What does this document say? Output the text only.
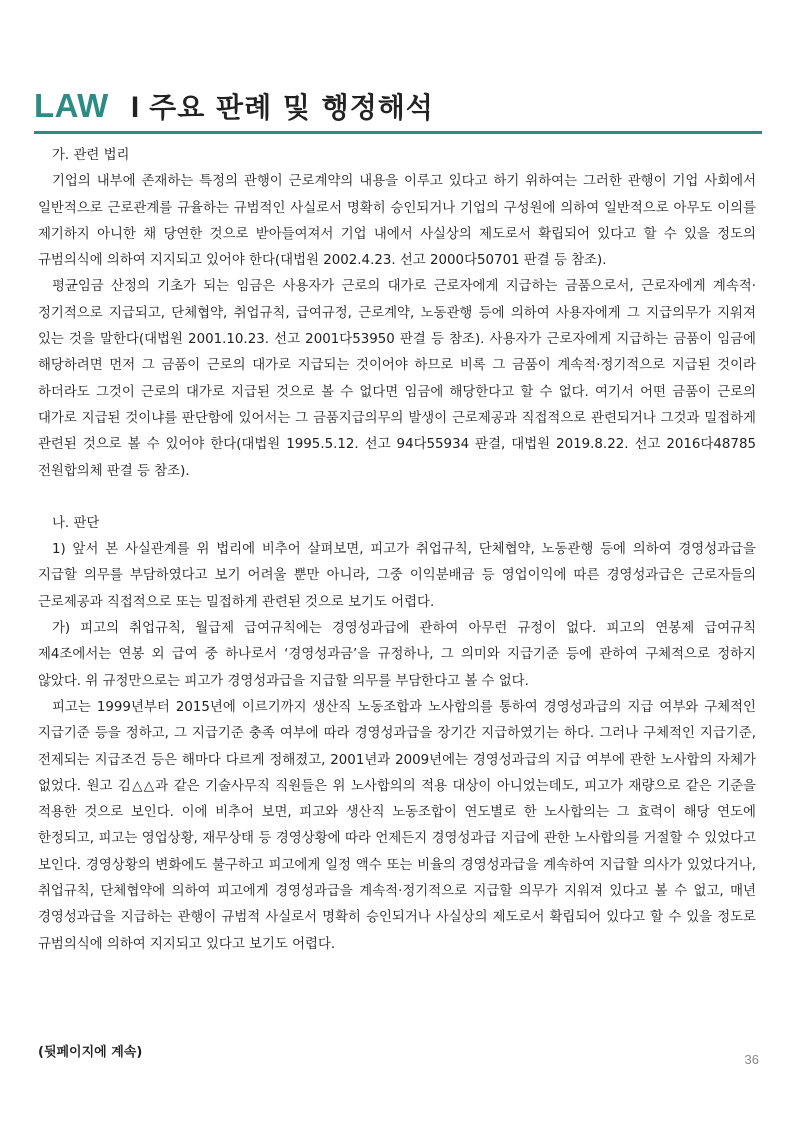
LAW I 주요 판례 및 행정해석

가. 관련 법리

기업의 내부에 존재하는 특정의 관행이 근로계약의 내용을 이루고 있다고 하기 위하여는 그러한 관행이 기업 사회에서 일반적으로 근로관계를 규율하는 규범적인 사실로서 명확히 승인되거나 기업의 구성원에 의하여 일반적으로 아무도 이의를 제기하지 아니한 채 당연한 것으로 받아들여져서 기업 내에서 사실상의 제도로서 확립되어 있다고 할 수 있을 정도의 규범의식에 의하여 지지되고 있어야 한다(대법원 2002.4.23. 선고 2000다50701 판결 등 참조).

평균임금 산정의 기초가 되는 임금은 사용자가 근로의 대가로 근로자에게 지급하는 금품으로서, 근로자에게 계속적·정기적으로 지급되고, 단체협약, 취업규칙, 급여규정, 근로계약, 노동관행 등에 의하여 사용자에게 그 지급의무가 지워져 있는 것을 말한다(대법원 2001.10.23. 선고 2001다53950 판결 등 참조). 사용자가 근로자에게 지급하는 금품이 임금에 해당하려면 먼저 그 금품이 근로의 대가로 지급되는 것이어야 하므로 비록 그 금품이 계속적·정기적으로 지급된 것이라 하더라도 그것이 근로의 대가로 지급된 것으로 볼 수 없다면 임금에 해당한다고 할 수 없다. 여기서 어떤 금품이 근로의 대가로 지급된 것이냐를 판단함에 있어서는 그 금품지급의무의 발생이 근로제공과 직접적으로 관련되거나 그것과 밀접하게 관련된 것으로 볼 수 있어야 한다(대법원 1995.5.12. 선고 94다55934 판결, 대법원 2019.8.22. 선고 2016다48785 전원합의체 판결 등 참조).

나. 판단

1) 앞서 본 사실관계를 위 법리에 비추어 살펴보면, 피고가 취업규칙, 단체협약, 노동관행 등에 의하여 경영성과급을 지급할 의무를 부담하였다고 보기 어려울 뿐만 아니라, 그중 이익분배금 등 영업이익에 따른 경영성과급은 근로자들의 근로제공과 직접적으로 또는 밀접하게 관련된 것으로 보기도 어렵다.

가) 피고의 취업규칙, 월급제 급여규칙에는 경영성과급에 관하여 아무런 규정이 없다. 피고의 연봉제 급여규칙 제4조에서는 연봉 외 급여 중 하나로서 ‘경영성과금’을 규정하나, 그 의미와 지급기준 등에 관하여 구체적으로 정하지 않았다. 위 규정만으로는 피고가 경영성과급을 지급할 의무를 부담한다고 볼 수 없다.

피고는 1999년부터 2015년에 이르기까지 생산직 노동조합과 노사합의를 통하여 경영성과급의 지급 여부와 구체적인 지급기준 등을 정하고, 그 지급기준 충족 여부에 따라 경영성과급을 장기간 지급하였기는 하다. 그러나 구체적인 지급기준, 전제되는 지급조건 등은 해마다 다르게 정해졌고, 2001년과 2009년에는 경영성과급의 지급 여부에 관한 노사합의 자체가 없었다. 원고 김△△과 같은 기술사무직 직원들은 위 노사합의의 적용 대상이 아니었는데도, 피고가 재량으로 같은 기준을 적용한 것으로 보인다. 이에 비추어 보면, 피고와 생산직 노동조합이 연도별로 한 노사합의는 그 효력이 해당 연도에 한정되고, 피고는 영업상황, 재무상태 등 경영상황에 따라 언제든지 경영성과급 지급에 관한 노사합의를 거절할 수 있었다고 보인다. 경영상황의 변화에도 불구하고 피고에게 일정 액수 또는 비율의 경영성과급을 계속하여 지급할 의사가 있었다거나, 취업규칙, 단체협약에 의하여 피고에게 경영성과급을 계속적·정기적으로 지급할 의무가 지워져 있다고 볼 수 없고, 매년 경영성과급을 지급하는 관행이 규범적 사실로서 명확히 승인되거나 사실상의 제도로서 확립되어 있다고 할 수 있을 정도로 규범의식에 의하여 지지되고 있다고 보기도 어렵다.

(뒷페이지에 계속)	36
